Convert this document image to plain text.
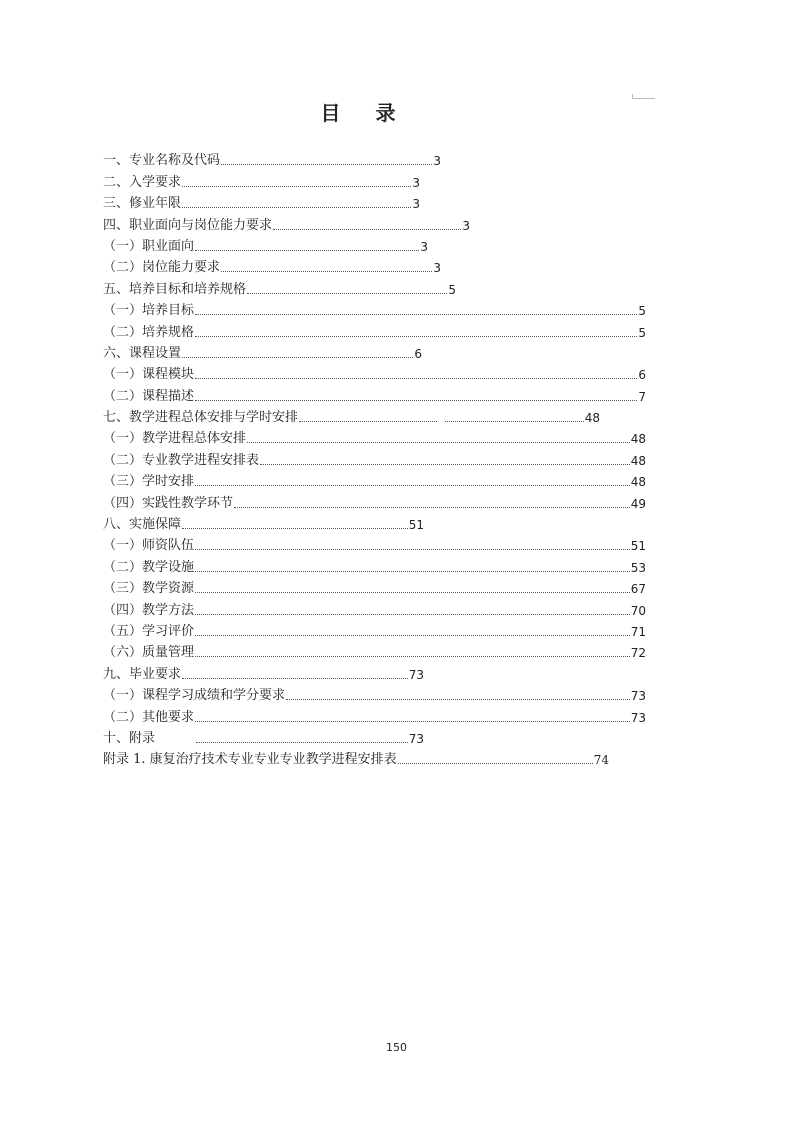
目 录
一、专业名称及代码	3
二、入学要求	3
三、修业年限	3
四、职业面向与岗位能力要求	3
（一）职业面向	3
（二）岗位能力要求	3
五、培养目标和培养规格	5
（一）培养目标	5
（二）培养规格	5
六、课程设置	6
（一）课程模块	6
（二）课程描述	7
七、教学进程总体安排与学时安排	48
（一）教学进程总体安排	48
（二）专业教学进程安排表	48
（三）学时安排	48
（四）实践性教学环节	49
八、实施保障	51
（一）师资队伍	51
（二）教学设施	53
（三）教学资源	67
（四）教学方法	70
（五）学习评价	71
（六）质量管理	72
九、毕业要求	73
（一）课程学习成绩和学分要求	73
（二）其他要求	73
十、附录	73
附录 1. 康复治疗技术专业专业专业教学进程安排表	74
150
